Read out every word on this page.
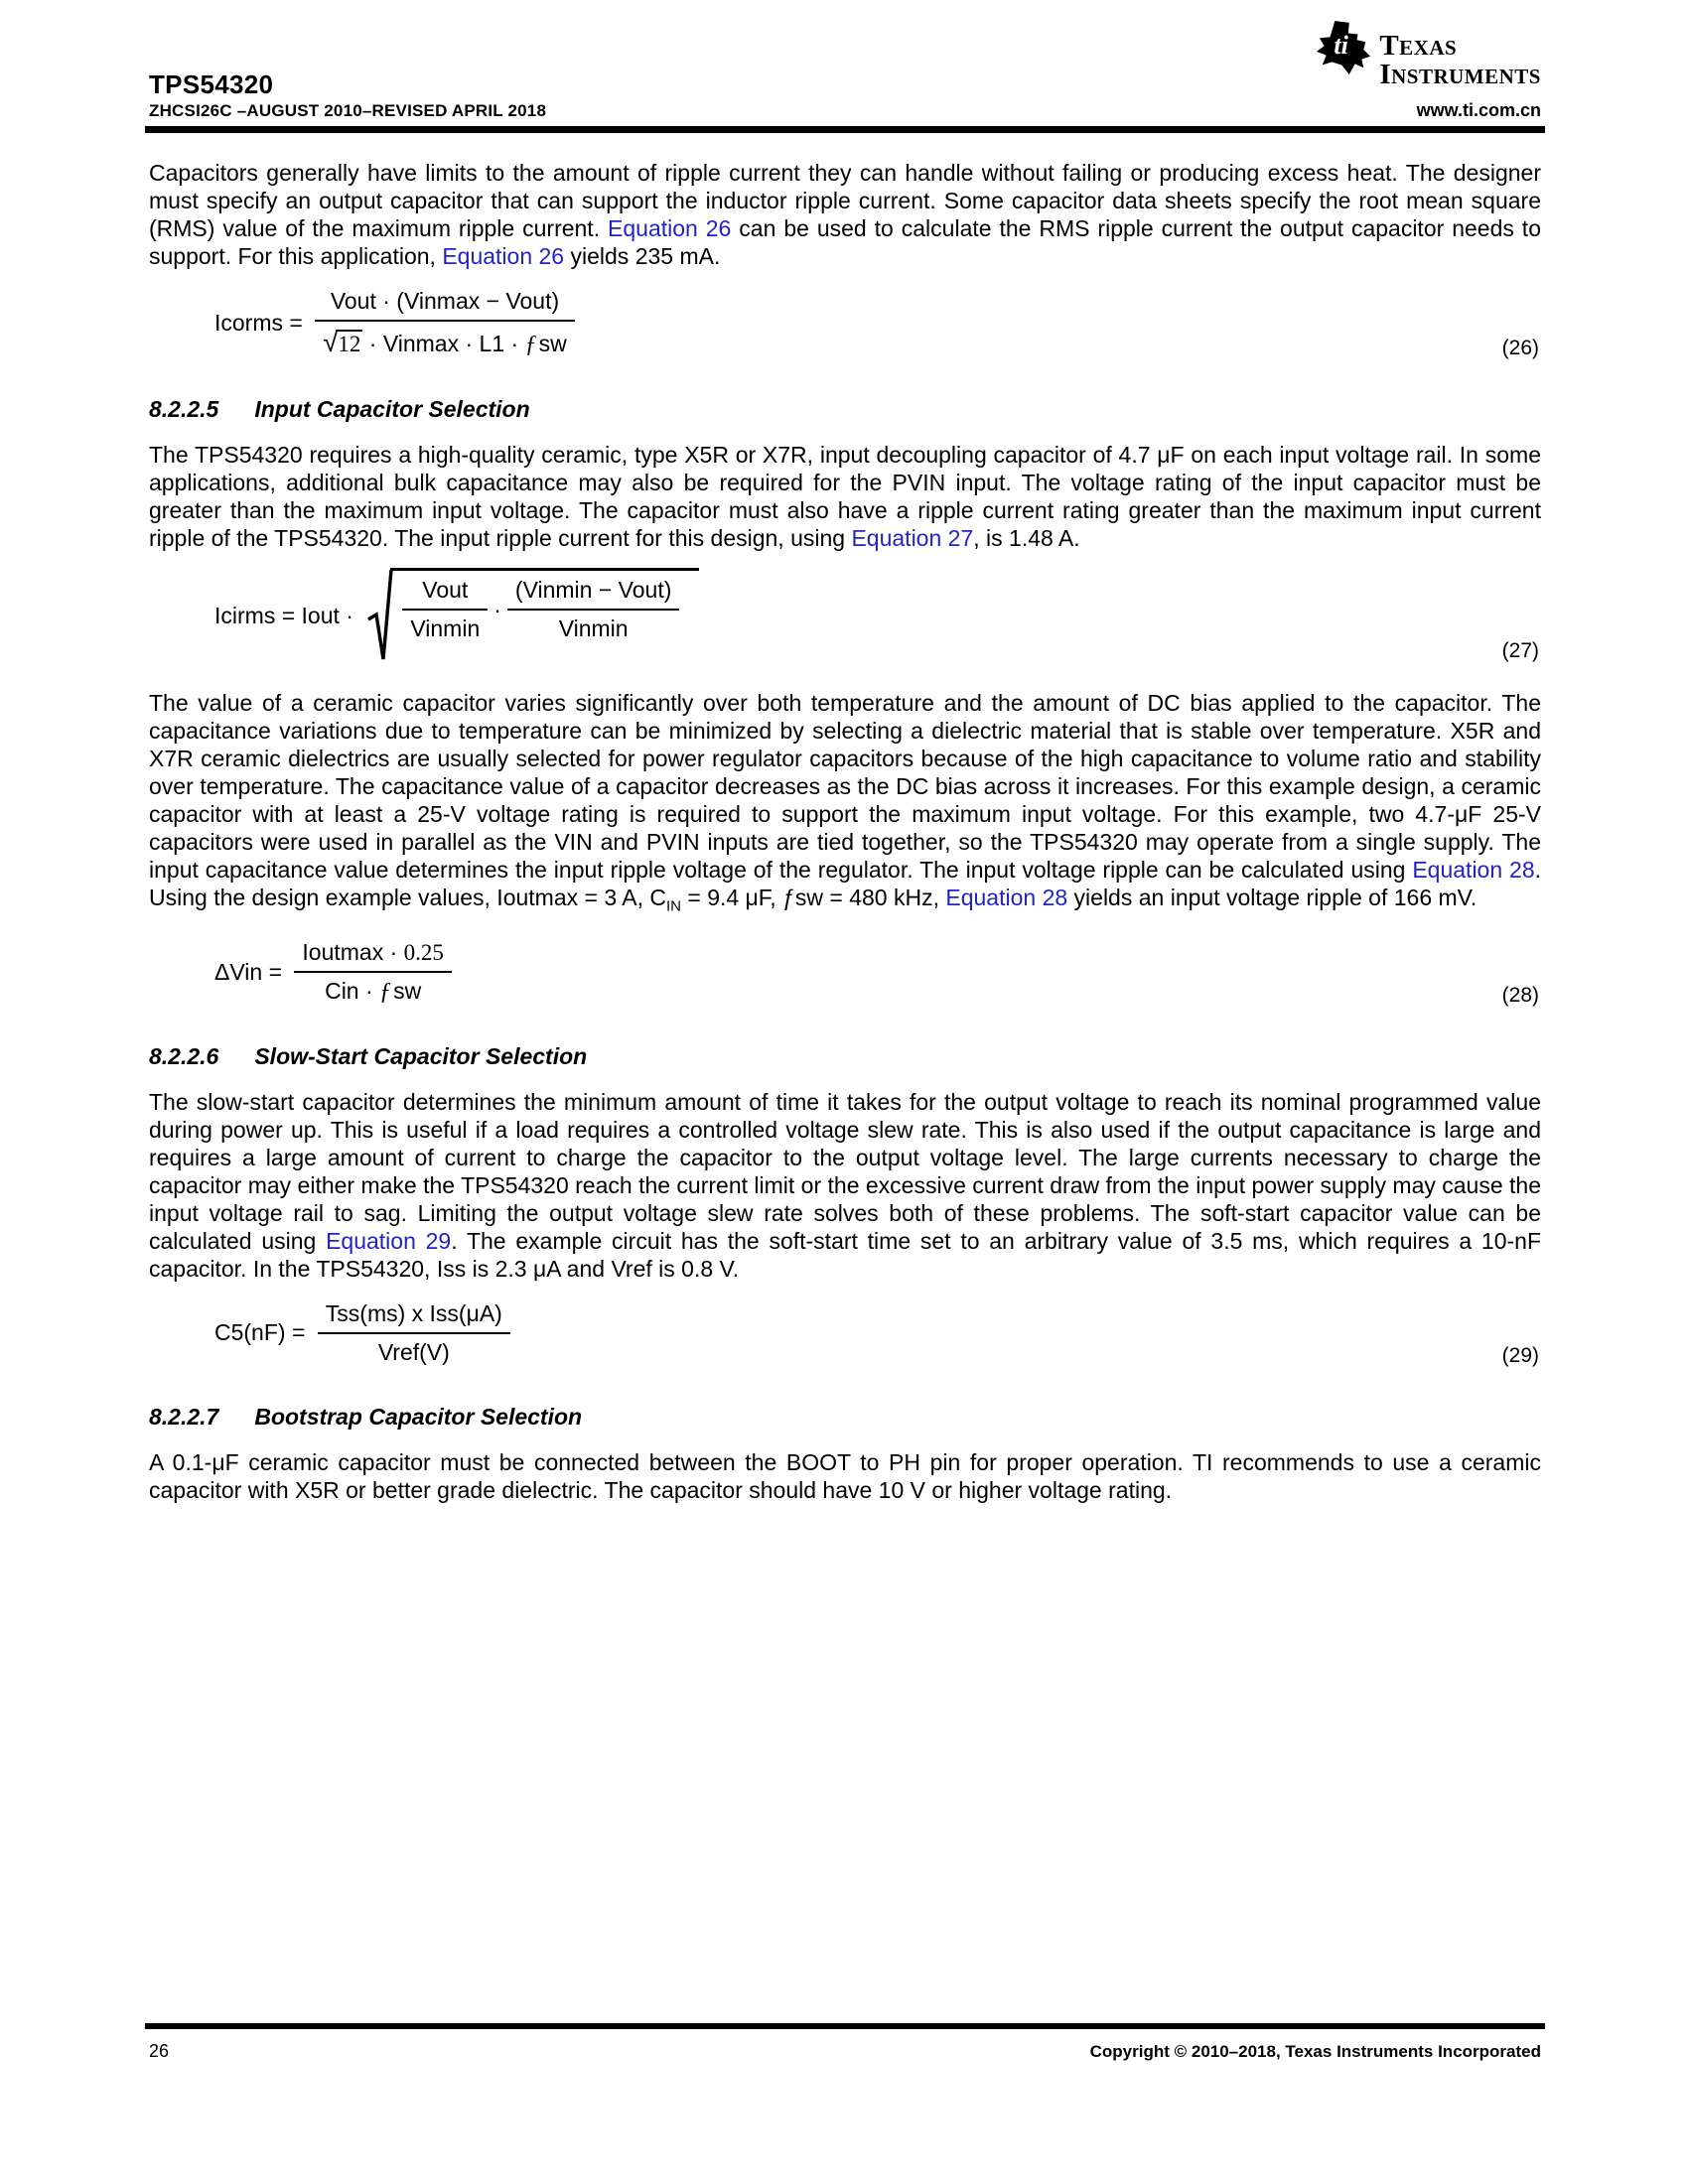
ti TEXAS
INSTRUMENTS
TPS54320
ZHCSI26C –AUGUST 2010–REVISED APRIL 2018	www.ti.com.cn

Capacitors generally have limits to the amount of ripple current they can handle without failing or producing excess heat. The designer must specify an output capacitor that can support the inductor ripple current. Some capacitor data sheets specify the root mean square (RMS) value of the maximum ripple current. Equation 26 can be used to calculate the RMS ripple current the output capacitor needs to support. For this application, Equation 26 yields 235 mA.

Icorms = $\frac{\text{Vout · (Vinmax − Vout)}}{\text{√12 · Vinmax · L1 · ƒsw}}$	(26)
8.2.2.5 Input Capacitor Selection

The TPS54320 requires a high-quality ceramic, type X5R or X7R, input decoupling capacitor of 4.7 μF on each input voltage rail. In some applications, additional bulk capacitance may also be required for the PVIN input. The voltage rating of the input capacitor must be greater than the maximum input voltage. The capacitor must also have a ripple current rating greater than the maximum input current ripple of the TPS54320. The input ripple current for this design, using Equation 27, is 1.48 A.

Icirms = Iout · $\frac{\text{Vout}}{\text{Vinmin}} \cdot \frac{\text{(Vinmin − Vout)}}{\text{Vinmin}}$
(27)

The value of a ceramic capacitor varies significantly over both temperature and the amount of DC bias applied to the capacitor. The capacitance variations due to temperature can be minimized by selecting a dielectric material that is stable over temperature. X5R and X7R ceramic dielectrics are usually selected for power regulator capacitors because of the high capacitance to volume ratio and stability over temperature. The capacitance value of a capacitor decreases as the DC bias across it increases. For this example design, a ceramic capacitor with at least a 25-V voltage rating is required to support the maximum input voltage. For this example, two 4.7-μF 25-V capacitors were used in parallel as the VIN and PVIN inputs are tied together, so the TPS54320 may operate from a single supply. The input capacitance value determines the input ripple voltage of the regulator. The input voltage ripple can be calculated using Equation 28. Using the design example values, Ioutmax = 3 A, $C_{IN} = 9.4$ μF, ƒsw = 480 kHz, Equation 28 yields an input voltage ripple of 166 mV.

$\Delta Vin = \frac{\text{Ioutmax · 0.25}}{\text{Cin · ƒsw}}$	(28)
8.2.2.6 Slow-Start Capacitor Selection

The slow-start capacitor determines the minimum amount of time it takes for the output voltage to reach its nominal programmed value during power up. This is useful if a load requires a controlled voltage slew rate. This is also used if the output capacitance is large and requires a large amount of current to charge the capacitor to the output voltage level. The large currents necessary to charge the capacitor may either make the TPS54320 reach the current limit or the excessive current draw from the input power supply may cause the input voltage rail to sag. Limiting the output voltage slew rate solves both of these problems. The soft-start capacitor value can be calculated using Equation 29. The example circuit has the soft-start time set to an arbitrary value of 3.5 ms, which requires a 10-nF capacitor. In the TPS54320, Iss is 2.3 μA and Vref is 0.8 V.

$C5(nF) = \frac{\text{Tss(ms) x Iss(μA)}}{\text{Vref(V)}}$	(29)
8.2.2.7 Bootstrap Capacitor Selection

A 0.1-μF ceramic capacitor must be connected between the BOOT to PH pin for proper operation. TI recommends to use a ceramic capacitor with X5R or better grade dielectric. The capacitor should have 10 V or higher voltage rating.

26	Copyright © 2010–2018, Texas Instruments Incorporated
